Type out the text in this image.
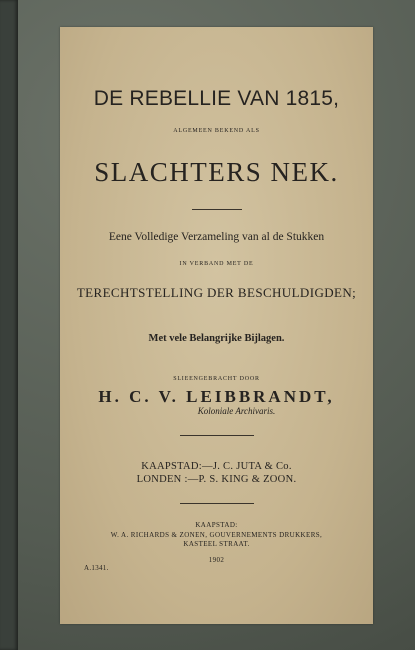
DE REBELLIE VAN 1815,
ALGEMEEN BEKEND ALS
SLACHTERS NEK.
Eene Volledige Verzameling van al de Stukken
IN VERBAND MET DE
TERECHTSTELLING DER BESCHULDIGDEN;
Met vele Belangrijke Bijlagen.
SLIEENGEBRACHT DOOR
H. C. V. LEIBBRANDT,
Koloniale Archivaris.
KAAPSTAD:—J. C. JUTA & Co.
LONDEN :—P. S. KING & ZOON.
KAAPSTAD:
W. A. RICHARDS & ZONEN, GOUVERNEMENTS DRUKKERS,
KASTEEL STRAAT.
1902
A.1341.
